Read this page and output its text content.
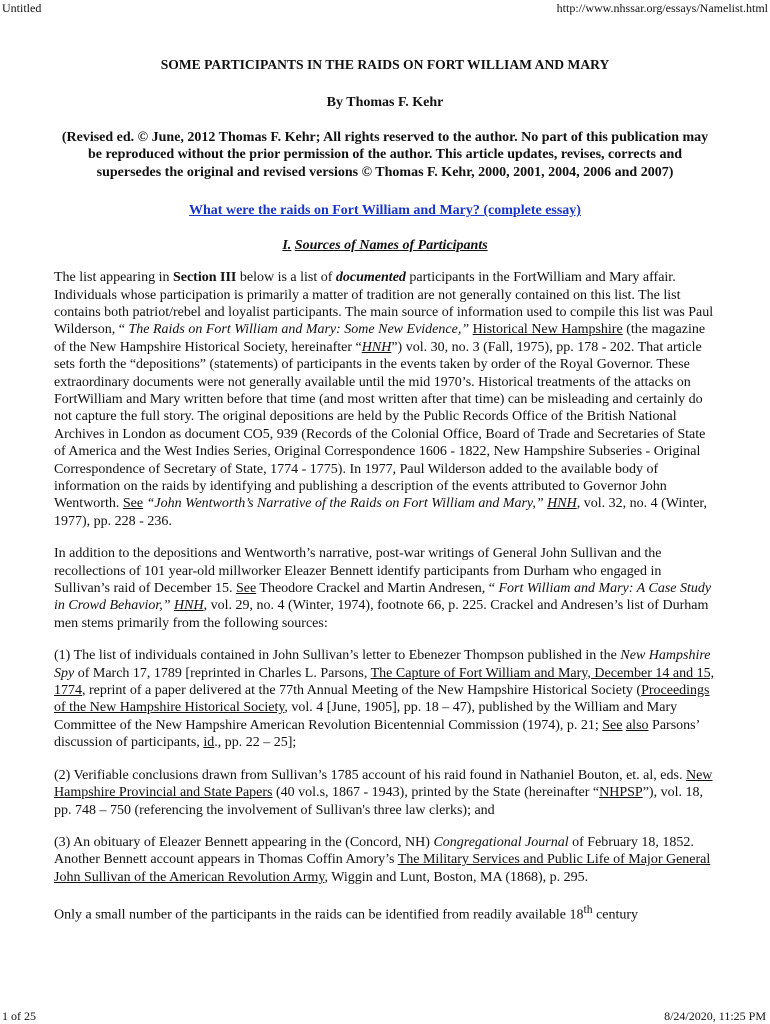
Untitled	http://www.nhssar.org/essays/Namelist.html

SOME PARTICIPANTS IN THE RAIDS ON FORT WILLIAM AND MARY

By Thomas F. Kehr

(Revised ed. © June, 2012 Thomas F. Kehr; All rights reserved to the author. No part of this publication may be reproduced without the prior permission of the author. This article updates, revises, corrects and supersedes the original and revised versions © Thomas F. Kehr, 2000, 2001, 2004, 2006 and 2007)

What were the raids on Fort William and Mary? (complete essay)

I. Sources of Names of Participants

The list appearing in Section III below is a list of documented participants in the FortWilliam and Mary affair. Individuals whose participation is primarily a matter of tradition are not generally contained on this list. The list contains both patriot/rebel and loyalist participants. The main source of information used to compile this list was Paul Wilderson, “ The Raids on Fort William and Mary: Some New Evidence,” Historical New Hampshire (the magazine of the New Hampshire Historical Society, hereinafter “HNH”) vol. 30, no. 3 (Fall, 1975), pp. 178 - 202. That article sets forth the “depositions” (statements) of participants in the events taken by order of the Royal Governor. These extraordinary documents were not generally available until the mid 1970’s. Historical treatments of the attacks on FortWilliam and Mary written before that time (and most written after that time) can be misleading and certainly do not capture the full story. The original depositions are held by the Public Records Office of the British National Archives in London as document CO5, 939 (Records of the Colonial Office, Board of Trade and Secretaries of State of America and the West Indies Series, Original Correspondence 1606 - 1822, New Hampshire Subseries - Original Correspondence of Secretary of State, 1774 - 1775). In 1977, Paul Wilderson added to the available body of information on the raids by identifying and publishing a description of the events attributed to Governor John Wentworth. See “John Wentworth’s Narrative of the Raids on Fort William and Mary,” HNH, vol. 32, no. 4 (Winter, 1977), pp. 228 - 236.

In addition to the depositions and Wentworth’s narrative, post-war writings of General John Sullivan and the recollections of 101 year-old millworker Eleazer Bennett identify participants from Durham who engaged in Sullivan’s raid of December 15. See Theodore Crackel and Martin Andresen, “ Fort William and Mary: A Case Study in Crowd Behavior,” HNH, vol. 29, no. 4 (Winter, 1974), footnote 66, p. 225. Crackel and Andresen’s list of Durham men stems primarily from the following sources:

(1) The list of individuals contained in John Sullivan’s letter to Ebenezer Thompson published in the New Hampshire Spy of March 17, 1789 [reprinted in Charles L. Parsons, The Capture of Fort William and Mary, December 14 and 15, 1774, reprint of a paper delivered at the 77th Annual Meeting of the New Hampshire Historical Society (Proceedings of the New Hampshire Historical Society, vol. 4 [June, 1905], pp. 18 – 47), published by the William and Mary Committee of the New Hampshire American Revolution Bicentennial Commission (1974), p. 21; See also Parsons’ discussion of participants, id., pp. 22 – 25];

(2) Verifiable conclusions drawn from Sullivan’s 1785 account of his raid found in Nathaniel Bouton, et. al, eds. New Hampshire Provincial and State Papers (40 vol.s, 1867 - 1943), printed by the State (hereinafter “NHPSP”), vol. 18, pp. 748 – 750 (referencing the involvement of Sullivan's three law clerks); and

(3) An obituary of Eleazer Bennett appearing in the (Concord, NH) Congregational Journal of February 18, 1852. Another Bennett account appears in Thomas Coffin Amory’s The Military Services and Public Life of Major General John Sullivan of the American Revolution Army, Wiggin and Lunt, Boston, MA (1868), p. 295.

Only a small number of the participants in the raids can be identified from readily available 18th century

1 of 25	8/24/2020, 11:25 PM
